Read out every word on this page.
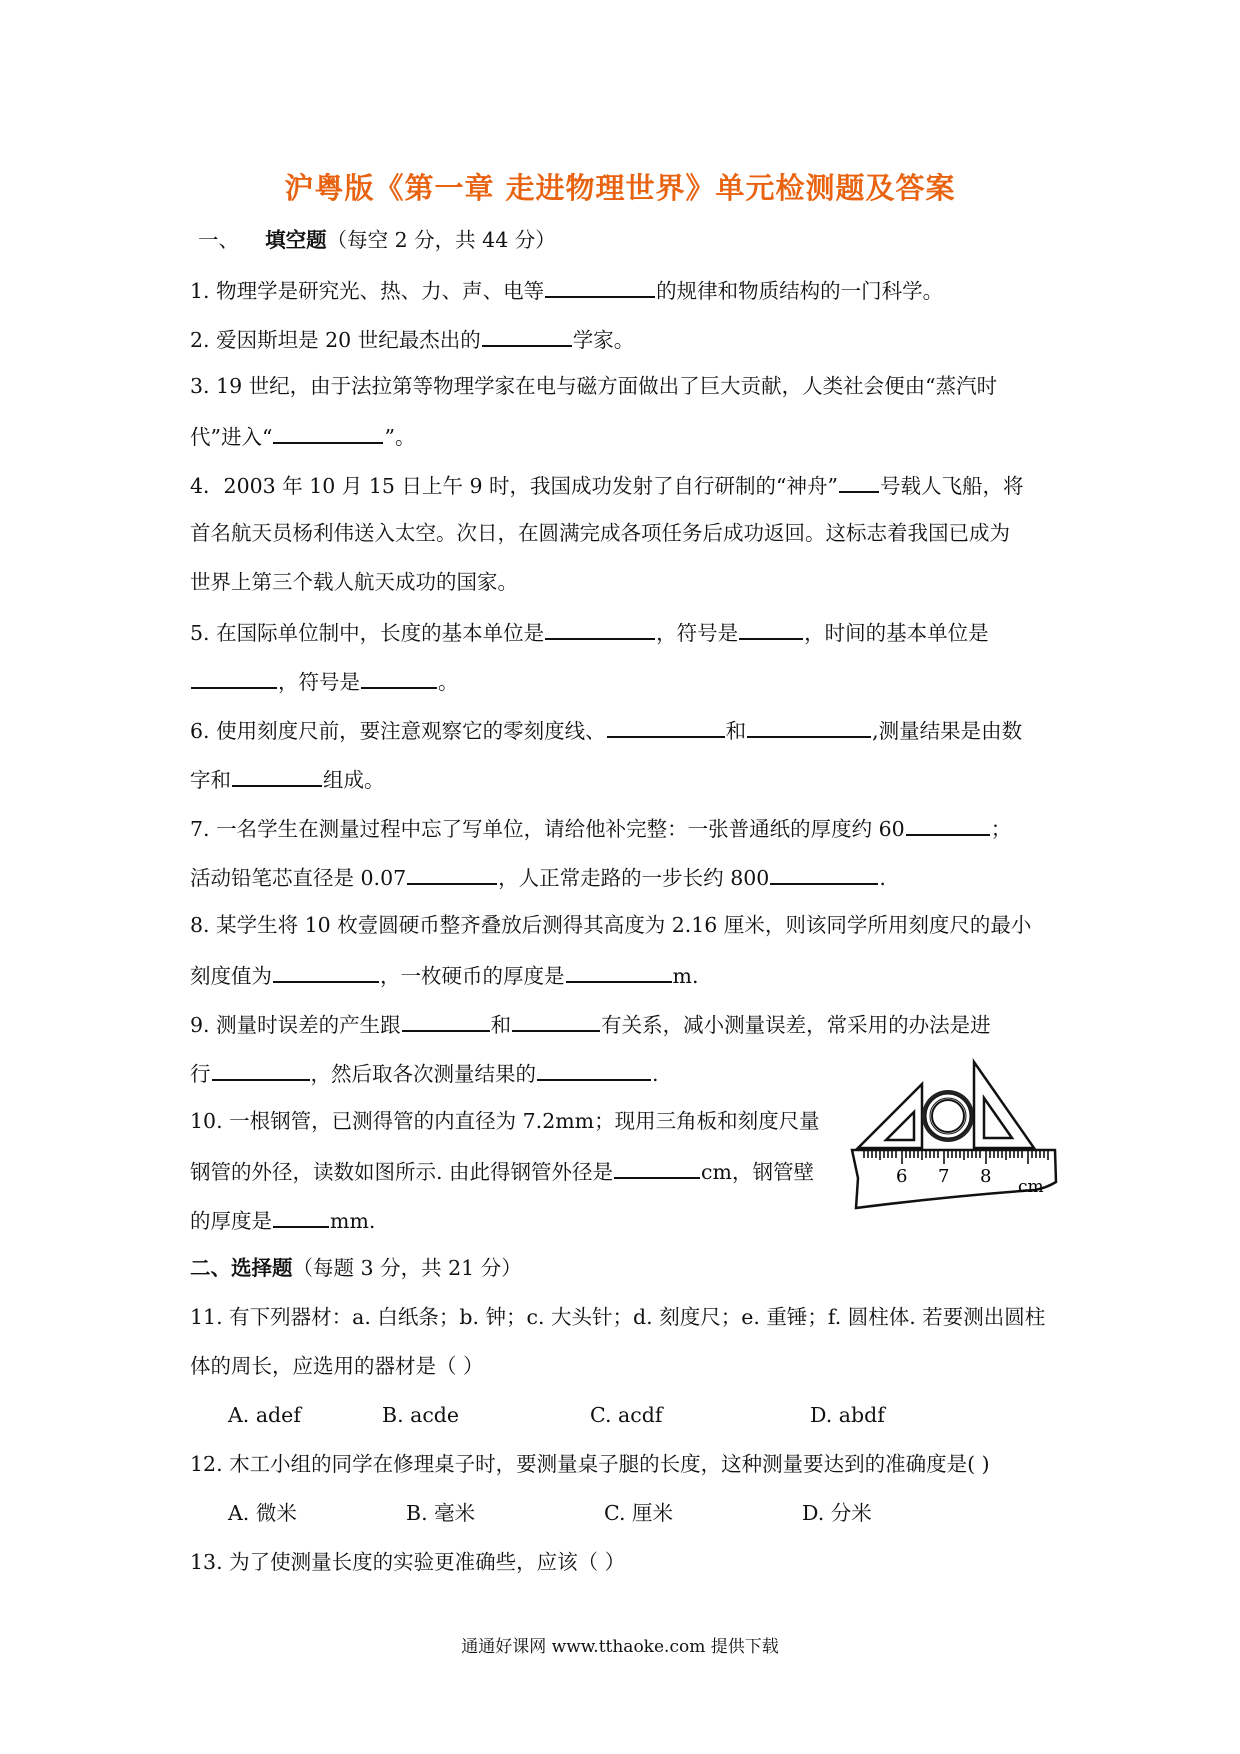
沪粤版《第一章 走进物理世界》单元检测题及答案
一、 填空题（每空 2 分，共 44 分）
1. 物理学是研究光、热、力、声、电等	的规律和物质结构的一门科学。
2. 爱因斯坦是 20 世纪最杰出的	学家。
3. 19 世纪，由于法拉第等物理学家在电与磁方面做出了巨大贡献，人类社会便由“蒸汽时
代”进入“	”。
4．2003 年 10 月 15 日上午 9 时，我国成功发射了自行研制的“神舟” 号载人飞船，将
首名航天员杨利伟送入太空。次日，在圆满完成各项任务后成功返回。这标志着我国已成为
世界上第三个载人航天成功的国家。
5. 在国际单位制中，长度的基本单位是	，符号是	，时间的基本单位是
，符号是	。
6. 使用刻度尺前，要注意观察它的零刻度线、	和	,测量结果是由数
字和	组成。
7. 一名学生在测量过程中忘了写单位，请给他补完整：一张普通纸的厚度约 60	；
活动铅笔芯直径是 0.07	，人正常走路的一步长约 800	.
8. 某学生将 10 枚壹圆硬币整齐叠放后测得其高度为 2.16 厘米，则该同学所用刻度尺的最小
刻度值为	，一枚硬币的厚度是	m.
9. 测量时误差的产生跟	和	有关系，减小测量误差，常采用的办法是进
行	，然后取各次测量结果的	.
10. 一根钢管，已测得管的内直径为 7.2mm；现用三角板和刻度尺量
钢管的外径，读数如图所示. 由此得钢管外径是	cm，钢管壁
的厚度是	mm.
6 7 8 cm
二、选择题（每题 3 分，共 21 分）
11. 有下列器材：a. 白纸条；b. 钟；c. 大头针；d. 刻度尺；e. 重锤；f. 圆柱体. 若要测出圆柱
体的周长，应选用的器材是（ ）
A. adef	B. acde	C. acdf	D. abdf
12. 木工小组的同学在修理桌子时，要测量桌子腿的长度，这种测量要达到的准确度是( )
A. 微米	B. 毫米	C. 厘米	D. 分米
13. 为了使测量长度的实验更准确些，应该（ ）
通通好课网 www.tthaoke.com 提供下载
